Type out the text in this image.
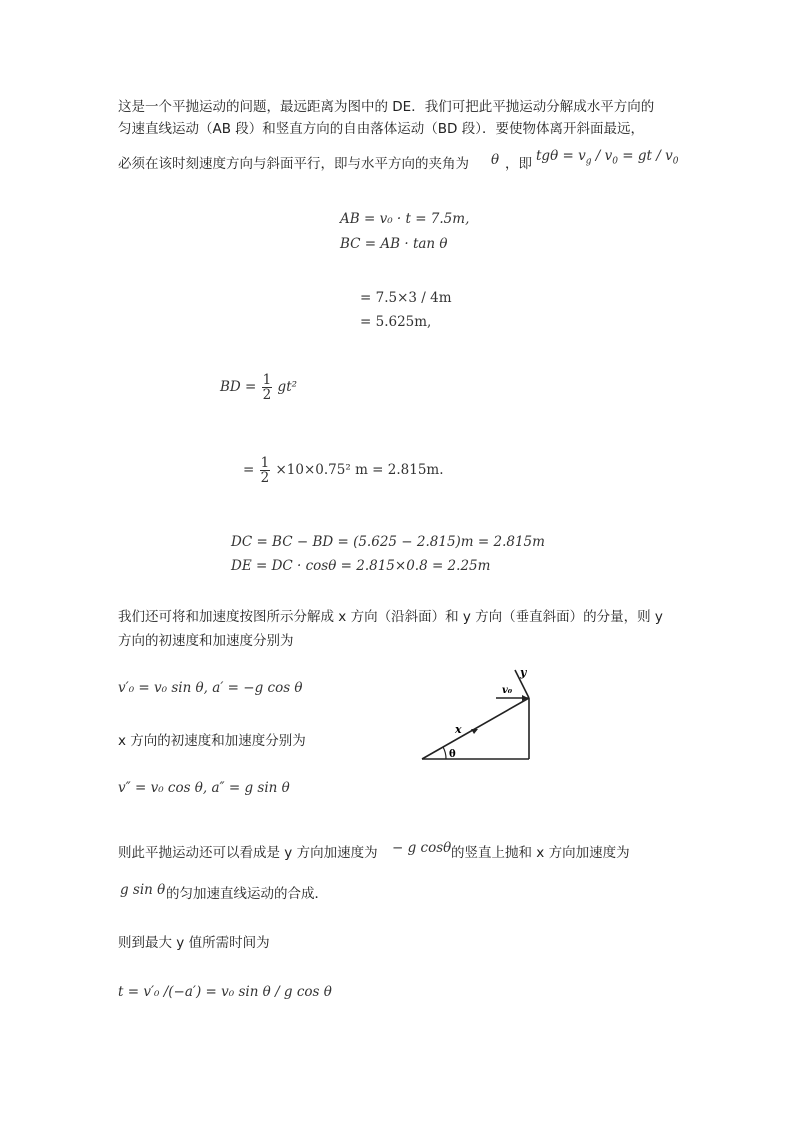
这是一个平抛运动的问题，最远距离为图中的 DE．我们可把此平抛运动分解成水平方向的
匀速直线运动（AB 段）和竖直方向的自由落体运动（BD 段）．要使物体离开斜面最远，
必须在该时刻速度方向与斜面平行，即与水平方向的夹角为 θ ，即 $tg\theta = v_g / v_0$ = gt / $v_0$
AB = v₀ · t = 7.5m,
BC = AB · tan θ
= 7.5×3 / 4m
= 5.625m,
BD = $\frac{1}{2} gt^2$
= $\frac{1}{2} \times 10\times 0.75^2$ m = 2.815m.
DC = BC − BD = (5.625 − 2.815)m = 2.815m
DE = DC · cosθ = 2.815×0.8 = 2.25m
我们还可将和加速度按图所示分解成 x 方向（沿斜面）和 y 方向（垂直斜面）的分量，则 y
方向的初速度和加速度分别为
v′₀ = v₀ sin θ, a′ = −g cos θ
x 方向的初速度和加速度分别为
v″ = v₀ cos θ, a″ = g sin θ
y
v₀
x
θ
则此平抛运动还可以看成是 y 方向加速度为 − g cosθ 的竖直上抛和 x 方向加速度为
g sin θ 的匀加速直线运动的合成．
则到最大 y 值所需时间为
t = v′₀ /(−a′) = v₀ sin θ / g cos θ
